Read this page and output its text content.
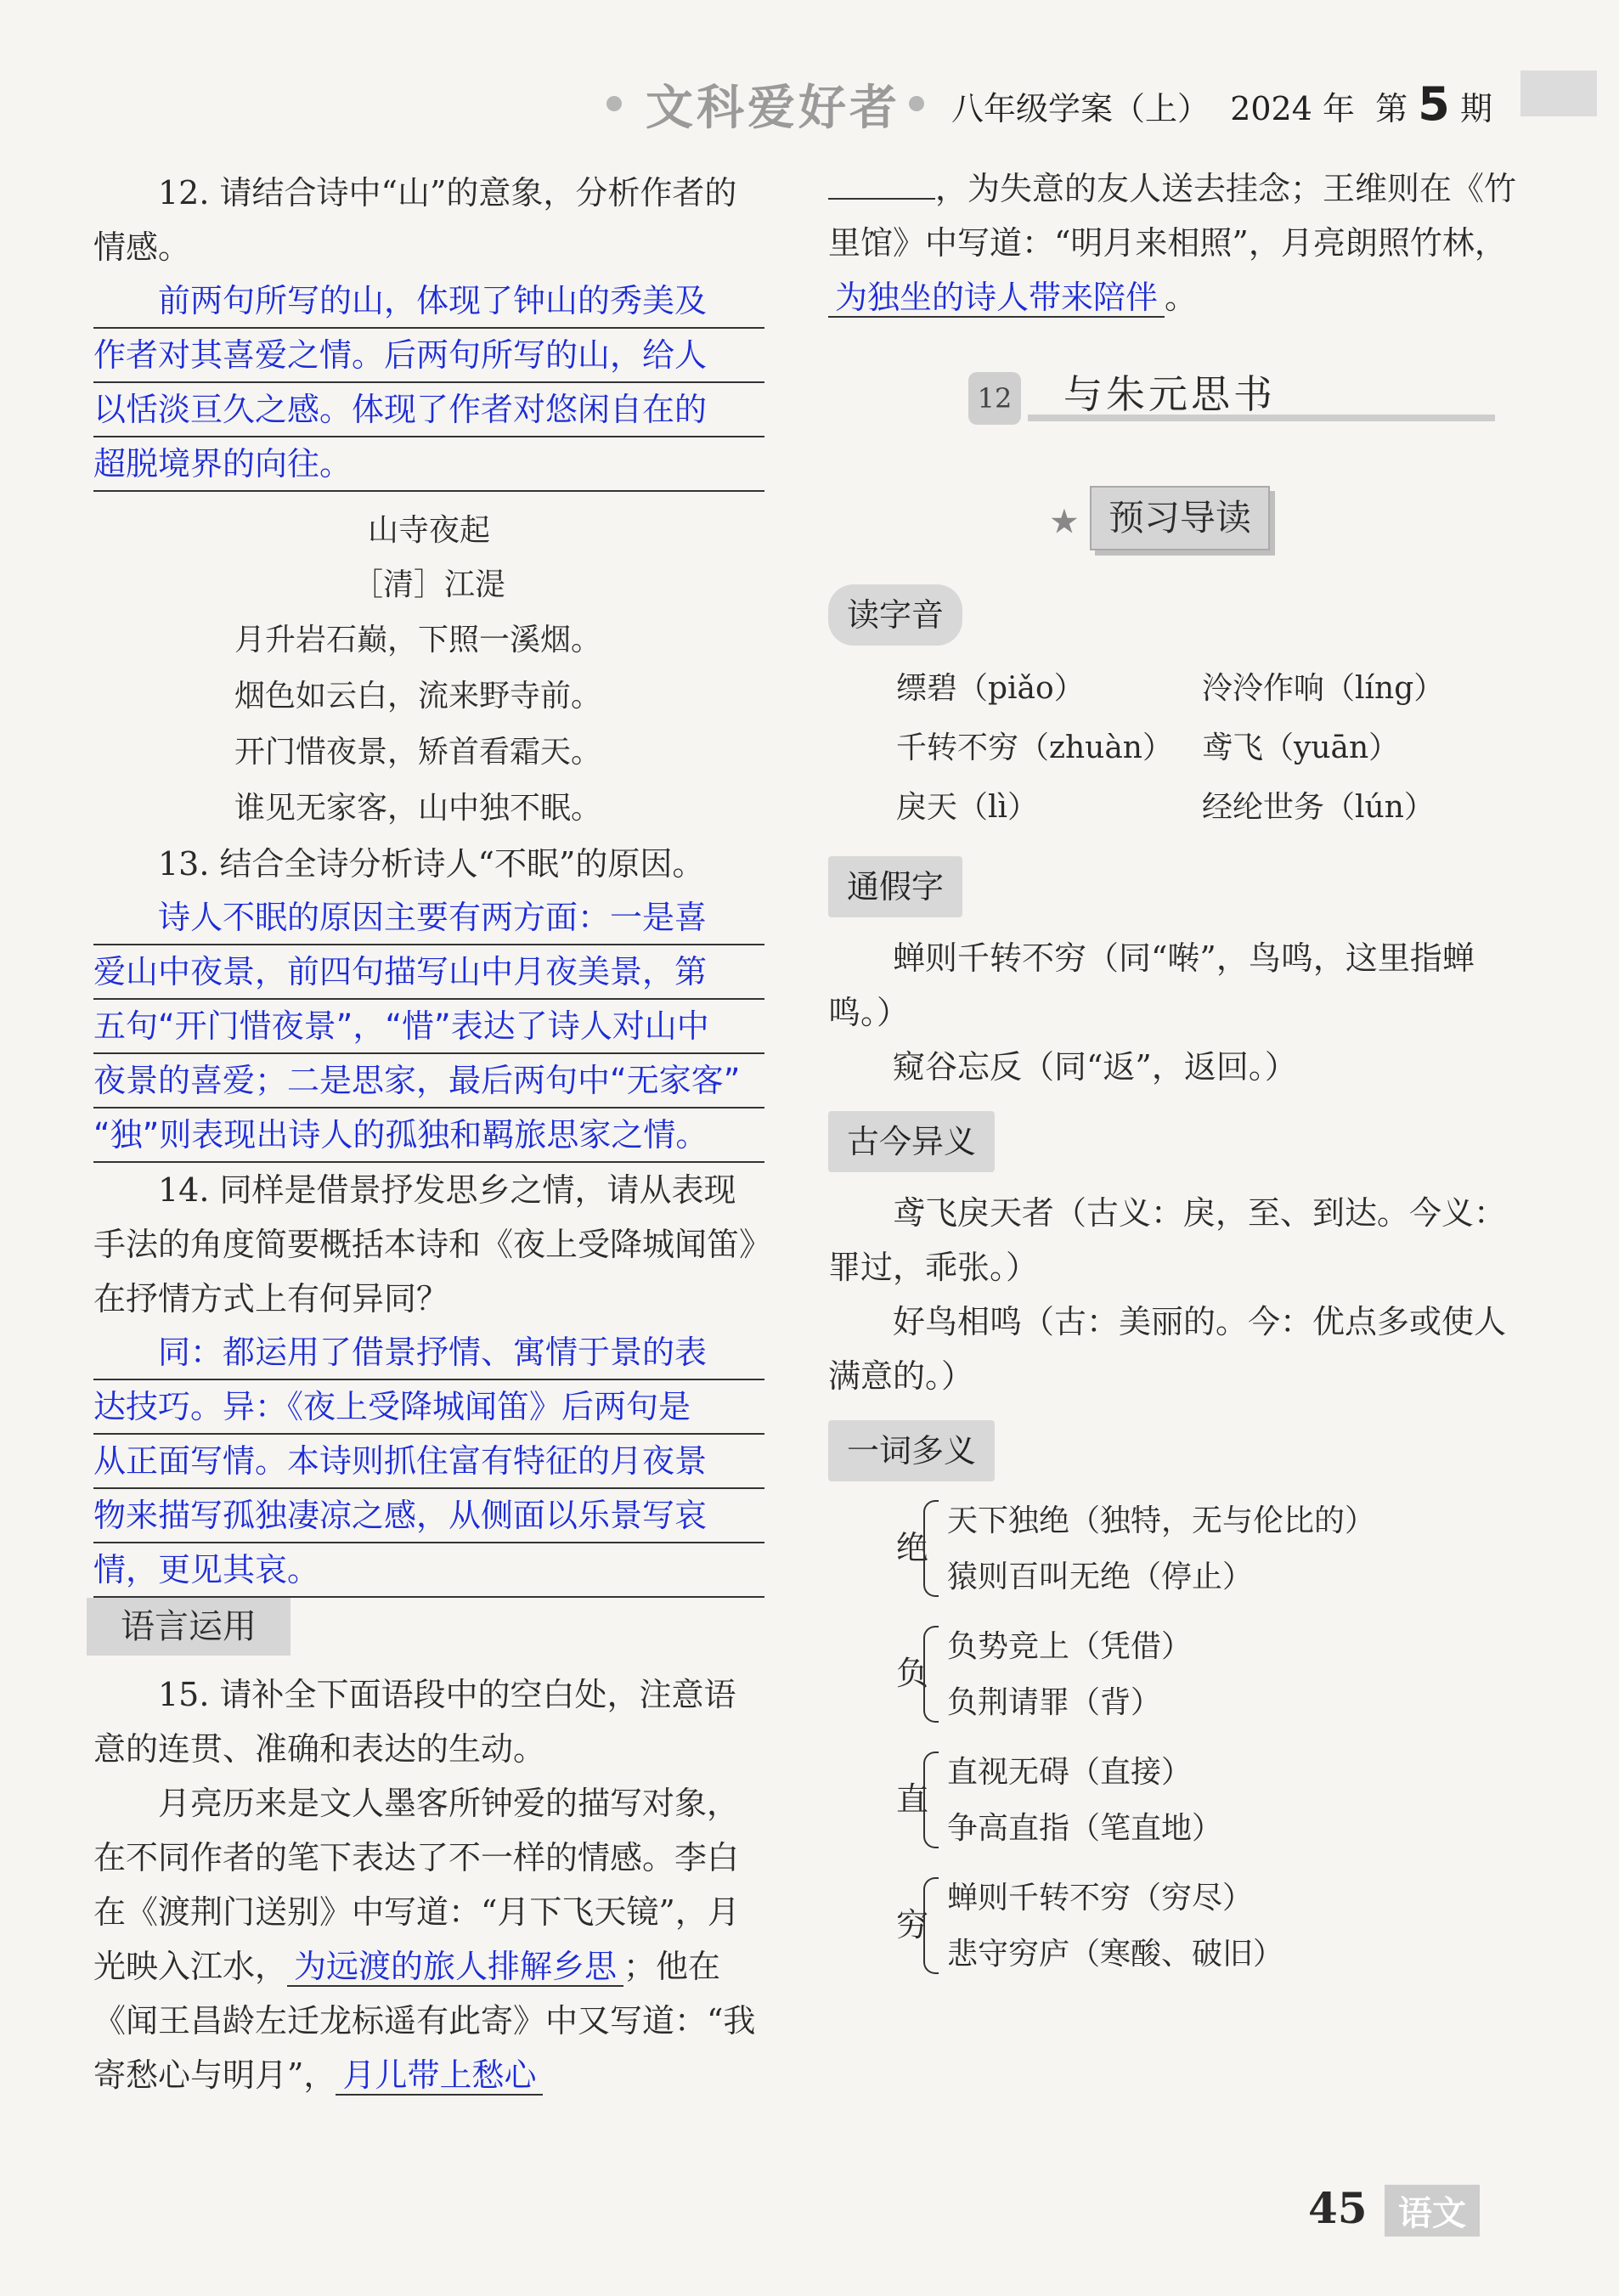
文科爱好者 八年级学案（上） 2024 年 第 5 期

12. 请结合诗中“山”的意象，分析作者的情感。

前两句所写的山，体现了钟山的秀美及
作者对其喜爱之情。后两句所写的山，给人
以恬淡亘久之感。体现了作者对悠闲自在的
超脱境界的向往。

山寺夜起

［清］江湜

月升岩石巅，下照一溪烟。

烟色如云白，流来野寺前。

开门惜夜景，矫首看霜天。

谁见无家客，山中独不眠。

13. 结合全诗分析诗人“不眠”的原因。

诗人不眠的原因主要有两方面：一是喜
爱山中夜景，前四句描写山中月夜美景，第
五句“开门惜夜景”，“惜”表达了诗人对山中
夜景的喜爱；二是思家，最后两句中“无家客”
“独”则表现出诗人的孤独和羁旅思家之情。

14. 同样是借景抒发思乡之情，请从表现手法的角度简要概括本诗和《夜上受降城闻笛》在抒情方式上有何异同？

同：都运用了借景抒情、寓情于景的表
达技巧。异：《夜上受降城闻笛》后两句是
从正面写情。本诗则抓住富有特征的月夜景
物来描写孤独凄凉之感，从侧面以乐景写哀
情，更见其哀。
语言运用

15. 请补全下面语段中的空白处，注意语意的连贯、准确和表达的生动。

月亮历来是文人墨客所钟爱的描写对象，在不同作者的笔下表达了不一样的情感。李白在《渡荆门送别》中写道：“月下飞天镜”，月光映入江水， 为远渡的旅人排解乡思 ；他在《闻王昌龄左迁龙标遥有此寄》中又写道：“我寄愁心与明月”， 月儿带上愁心

，为失意的友人送去挂念；王维则在《竹里馆》中写道：“明月来相照”，月亮朗照竹林，为独坐的诗人带来陪伴 。

12 与朱元思书
★ 预习导读
读字音
缥碧（piǎo）	泠泠作响（líng）
千转不穷（zhuàn） 鸢飞（yuān）
戾天（lì）	经纶世务（lún）
通假字

蝉则千转不穷（同“啭”，鸟鸣，这里指蝉鸣。）

窥谷忘反（同“返”，返回。）

古今异义

鸢飞戾天者（古义：戾，至、到达。今义：罪过，乖张。）

好鸟相鸣（古：美丽的。今：优点多或使人满意的。）

一词多义
绝

天下独绝（独特，无与伦比的）

猿则百叫无绝（停止）

负

负势竞上（凭借）

负荆请罪（背）

直

直视无碍（直接）

争高直指（笔直地）

穷

蝉则千转不穷（穷尽）

悲守穷庐（寒酸、破旧）

45 语文
